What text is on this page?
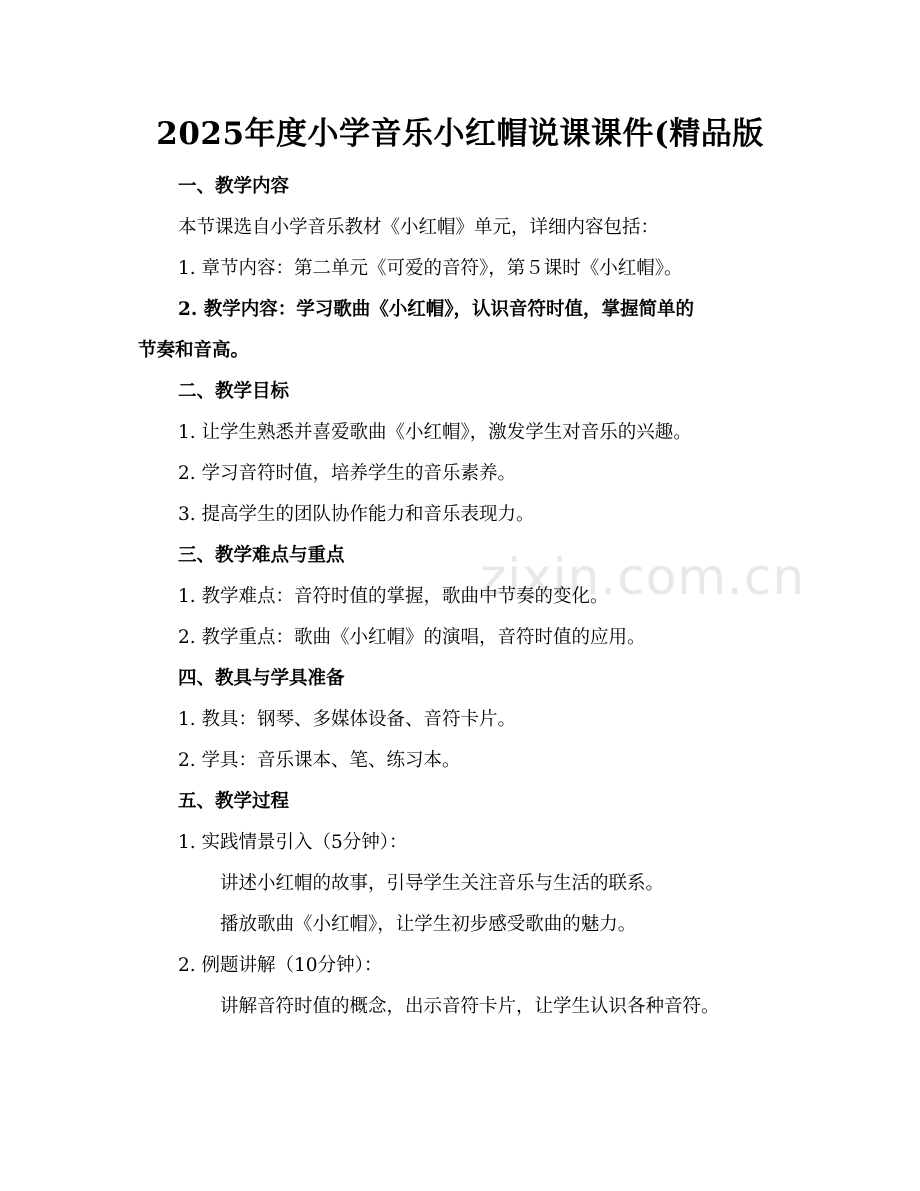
zixin.com.cn
2025年度小学音乐小红帽说课课件(精品版
一、教学内容
本节课选自小学音乐教材《小红帽》单元，详细内容包括：
1. 章节内容：第二单元《可爱的音符》，第５课时《小红帽》。
2. 教学内容：学习歌曲《小红帽》，认识音符时值，掌握简单的
节奏和音高。
二、教学目标
1. 让学生熟悉并喜爱歌曲《小红帽》，激发学生对音乐的兴趣。
2. 学习音符时值，培养学生的音乐素养。
3. 提高学生的团队协作能力和音乐表现力。
三、教学难点与重点
1. 教学难点：音符时值的掌握，歌曲中节奏的变化。
2. 教学重点：歌曲《小红帽》的演唱，音符时值的应用。
四、教具与学具准备
1. 教具：钢琴、多媒体设备、音符卡片。
2. 学具：音乐课本、笔、练习本。
五、教学过程
1. 实践情景引入（5分钟）：
讲述小红帽的故事，引导学生关注音乐与生活的联系。
播放歌曲《小红帽》，让学生初步感受歌曲的魅力。
2. 例题讲解（10分钟）：
讲解音符时值的概念，出示音符卡片，让学生认识各种音符。
